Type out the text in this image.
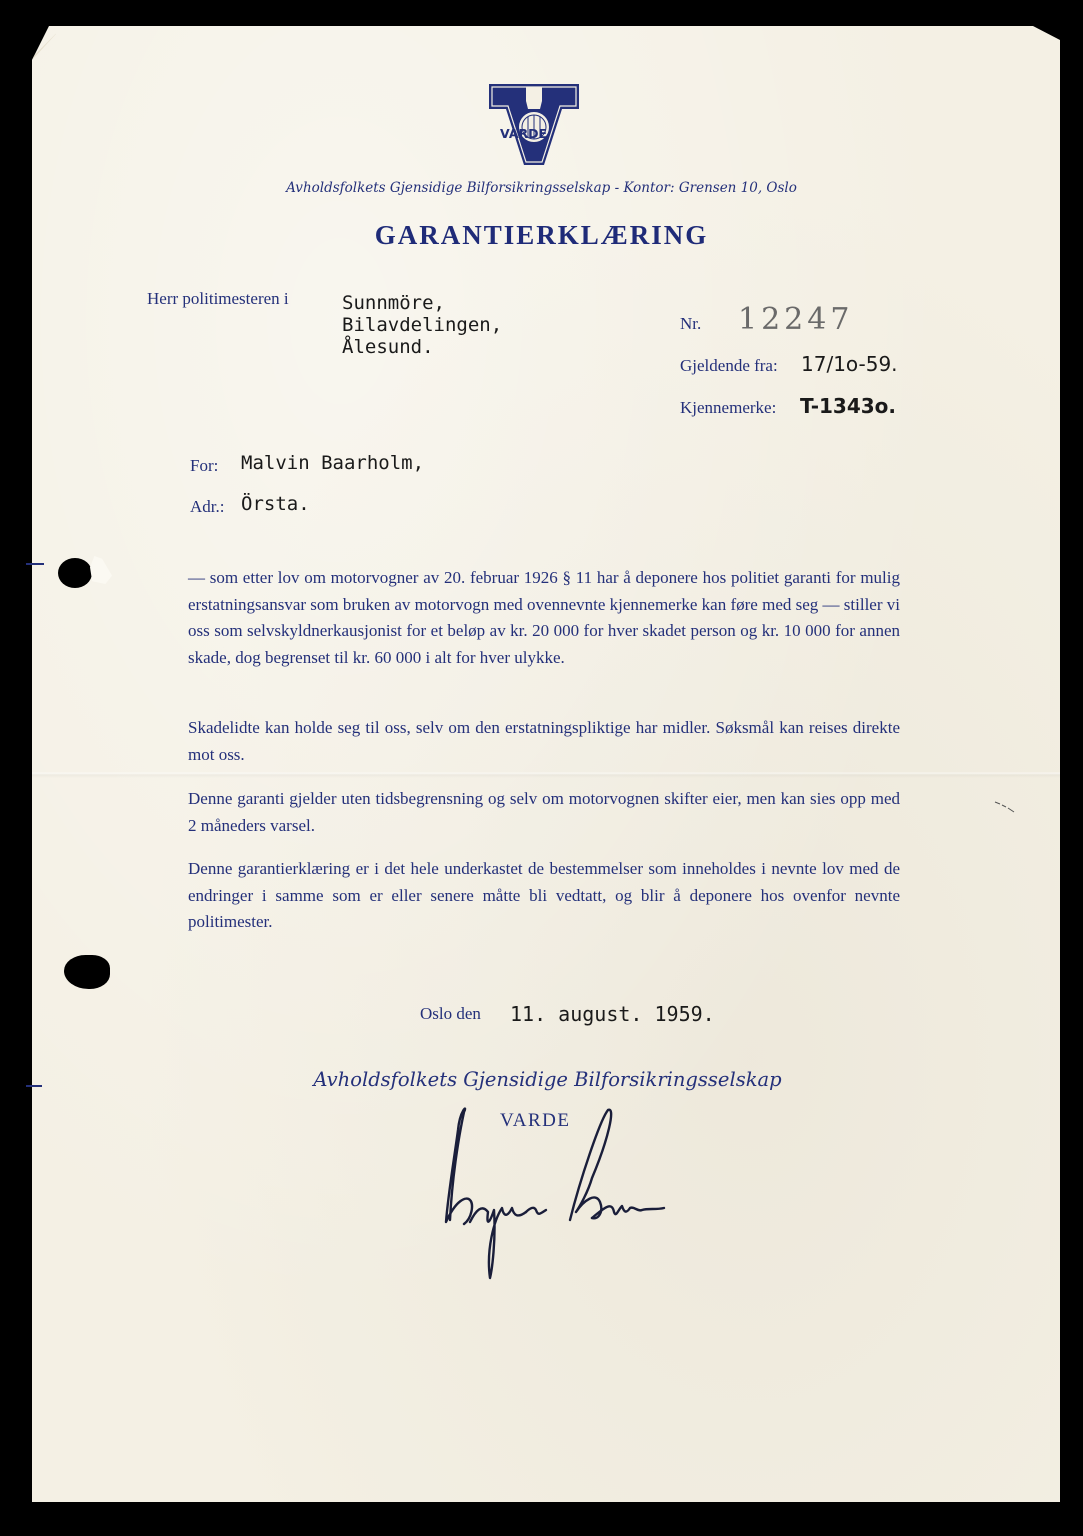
VARDE
Avholdsfolkets Gjensidige Bilforsikringsselskap - Kontor: Grensen 10, Oslo
GARANTIERKLÆRING
Herr politimesteren i	Sunnmöre,
Bilavdelingen,
Ålesund.
Nr. 12247
Gjeldende fra: 17/1o-59.
Kjennemerke: T-1343o.
For: Malvin Baarholm,
Adr.: Örsta.
— som etter lov om motorvogner av 20. februar 1926 § 11 har å deponere hos politiet garanti for mulig erstatningsansvar som bruken av motorvogn med ovennevnte kjennemerke kan føre med seg — stiller vi oss som selvskyldnerkausjonist for et beløp av kr. 20 000 for hver skadet person og kr. 10 000 for annen skade, dog begrenset til kr. 60 000 i alt for hver ulykke.
Skadelidte kan holde seg til oss, selv om den erstatningspliktige har midler. Søksmål kan reises direkte mot oss.
Denne garanti gjelder uten tidsbegrensning og selv om motorvognen skifter eier, men kan sies opp med 2 måneders varsel.
Denne garantierklæring er i det hele underkastet de bestemmelser som inneholdes i nevnte lov med de endringer i samme som er eller senere måtte bli vedtatt, og blir å deponere hos ovenfor nevnte politimester.
Oslo den 11. august. 1959.
Avholdsfolkets Gjensidige Bilforsikringsselskap
VARDE
